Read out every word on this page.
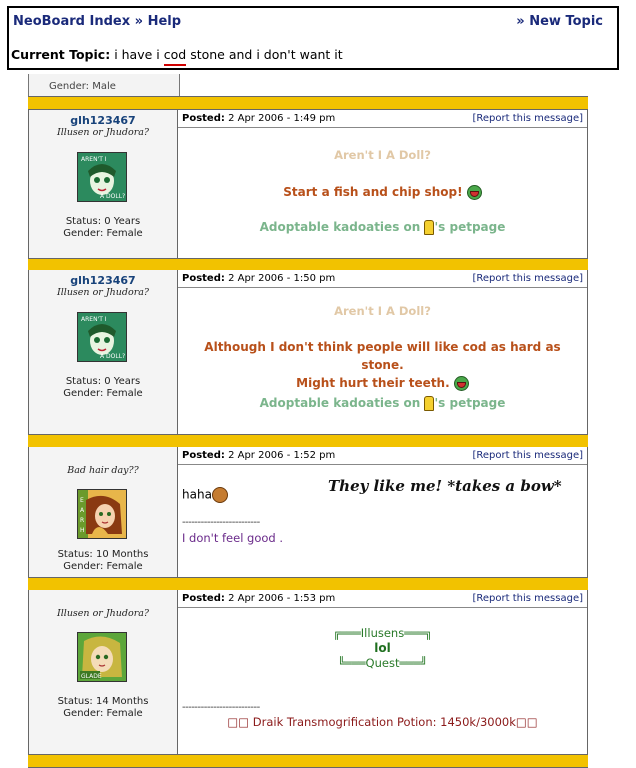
NeoBoard Index » Help	» New Topic
Current Topic: i have i cod stone and i don't want it
Gender: Male
glh123467
Illusen or Jhudora?
AREN'T I
A DOLL?
Status: 0 Years
Gender: Female
Posted: 2 Apr 2006 - 1:49 pm	[Report this message]
Aren't I A Doll?
Start a fish and chip shop!
Adoptable kadoaties on 's petpage
glh123467
Illusen or Jhudora?
AREN'T I
A DOLL?
Status: 0 Years
Gender: Female
Posted: 2 Apr 2006 - 1:50 pm	[Report this message]
Aren't I A Doll?
Although I don't think people will like cod as hard as stone.
Might hurt their teeth.
Adoptable kadoaties on 's petpage
Bad hair day??
E
A
R
H
Status: 10 Months
Gender: Female
Posted: 2 Apr 2006 - 1:52 pm	[Report this message]
haha	They like me! *takes a bow*
-------------------------
I don't feel good .
Illusen or Jhudora?
GLADE
Status: 14 Months
Gender: Female
Posted: 2 Apr 2006 - 1:53 pm	[Report this message]
╔═══Illusens═══╗
lol
╚═══Quest═══╝
-------------------------
□□ Draik Transmogrification Potion: 1450k/3000k□□
